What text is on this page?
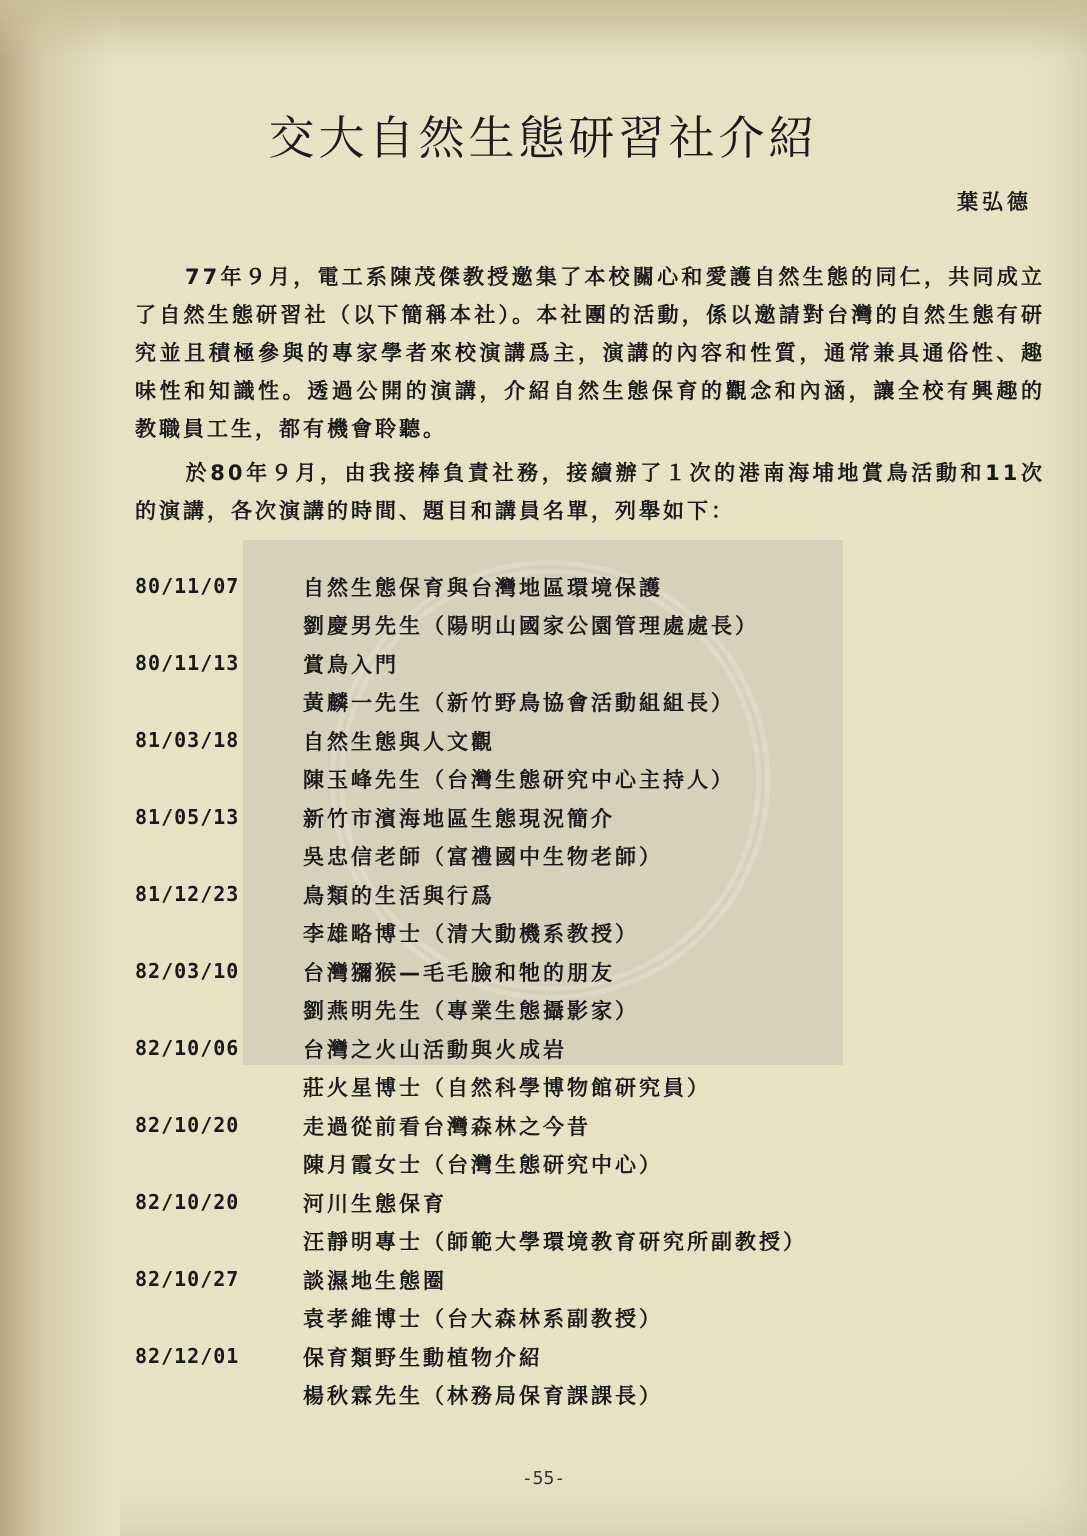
交大自然生態研習社介紹
葉弘德
77年９月，電工系陳茂傑教授邀集了本校關心和愛護自然生態的同仁，共同成立了自然生態研習社（以下簡稱本社）。本社團的活動，係以邀請對台灣的自然生態有研究並且積極參與的專家學者來校演講爲主，演講的內容和性質，通常兼具通俗性、趣味性和知識性。透過公開的演講，介紹自然生態保育的觀念和內涵，讓全校有興趣的教職員工生，都有機會聆聽。
於80年９月，由我接棒負責社務，接續辦了１次的港南海埔地賞鳥活動和11次的演講，各次演講的時間、題目和講員名單，列舉如下：
80/11/07	自然生態保育與台灣地區環境保護
劉慶男先生（陽明山國家公園管理處處長）
80/11/13	賞鳥入門
黃麟一先生（新竹野鳥協會活動組組長）
81/03/18	自然生態與人文觀
陳玉峰先生（台灣生態研究中心主持人）
81/05/13	新竹市濱海地區生態現況簡介
吳忠信老師（富禮國中生物老師）
81/12/23	鳥類的生活與行爲
李雄略博士（清大動機系教授）
82/03/10	台灣獼猴—毛毛臉和牠的朋友
劉燕明先生（專業生態攝影家）
82/10/06	台灣之火山活動與火成岩
莊火星博士（自然科學博物館研究員）
82/10/20	走過從前看台灣森林之今昔
陳月霞女士（台灣生態研究中心）
82/10/20	河川生態保育
汪靜明專士（師範大學環境教育研究所副教授）
82/10/27	談濕地生態圈
袁孝維博士（台大森林系副教授）
82/12/01	保育類野生動植物介紹
楊秋霖先生（林務局保育課課長）
-55-
